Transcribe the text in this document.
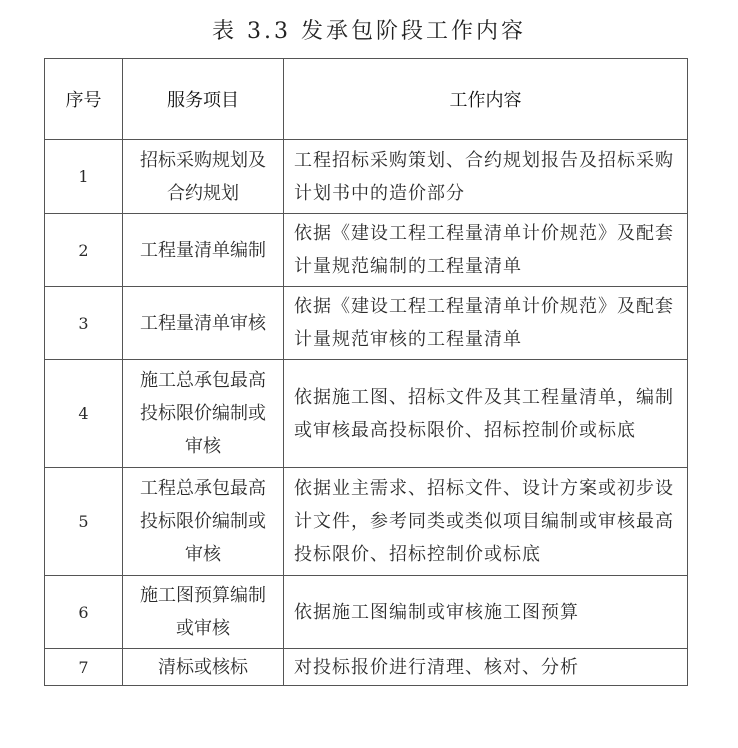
表 3.3 发承包阶段工作内容
序号	服务项目	工作内容
1	招标采购规划及合约规划	工程招标采购策划、合约规划报告及招标采购计划书中的造价部分
2	工程量清单编制	依据《建设工程工程量清单计价规范》及配套计量规范编制的工程量清单
3	工程量清单审核	依据《建设工程工程量清单计价规范》及配套计量规范审核的工程量清单
4	施工总承包最高投标限价编制或审核	依据施工图、招标文件及其工程量清单，编制或审核最高投标限价、招标控制价或标底
5	工程总承包最高投标限价编制或审核	依据业主需求、招标文件、设计方案或初步设计文件，参考同类或类似项目编制或审核最高投标限价、招标控制价或标底
6	施工图预算编制或审核	依据施工图编制或审核施工图预算
7	清标或核标	对投标报价进行清理、核对、分析
